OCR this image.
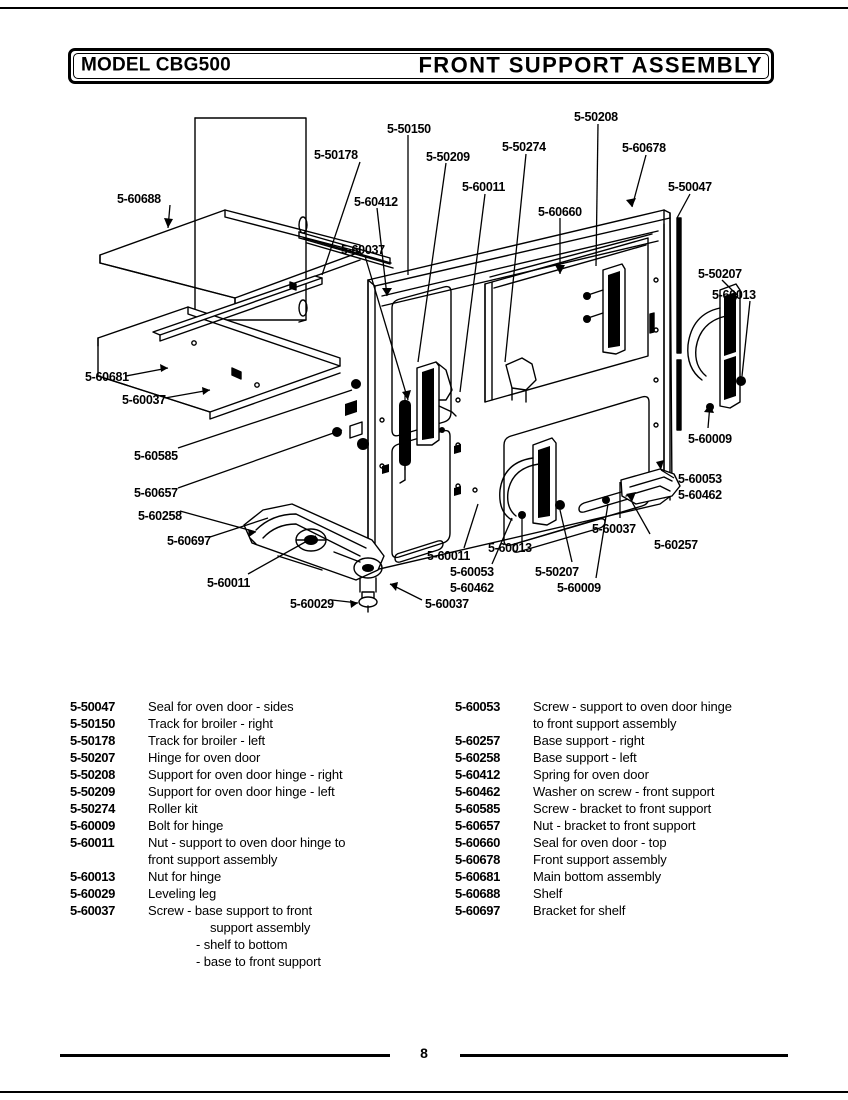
MODEL CBG500	FRONT SUPPORT ASSEMBLY
5-50150
5-50208
5-50178	5-50209
5-50274	5-60678
5-60412
5-60011	5-50047
5-60688
5-60660
5-60037
5-50207
5-60013
5-60681
5-60037
5-60585
5-60657
5-60258
5-60697
5-60009
5-60053
5-60462
5-60037
5-60257
5-60011
5-60011
5-60013
5-60053	5-50207
5-60462	5-60009
5-60029	5-60037
5-50047	Seal for oven door - sides
5-50150	Track for broiler - right
5-50178	Track for broiler - left
5-50207	Hinge for oven door
5-50208	Support for oven door hinge - right
5-50209	Support for oven door hinge - left
5-50274	Roller kit
5-60009	Bolt for hinge
5-60011	Nut - support to oven door hinge to
front support assembly
5-60013	Nut for hinge
5-60029	Leveling leg
5-60037	Screw - base support to front
support assembly
- shelf to bottom
- base to front support
5-60053	Screw - support to oven door hinge
to front support assembly
5-60257	Base support - right
5-60258	Base support - left
5-60412	Spring for oven door
5-60462	Washer on screw - front support
5-60585	Screw - bracket to front support
5-60657	Nut - bracket to front support
5-60660	Seal for oven door - top
5-60678	Front support assembly
5-60681	Main bottom assembly
5-60688	Shelf
5-60697	Bracket for shelf
8
